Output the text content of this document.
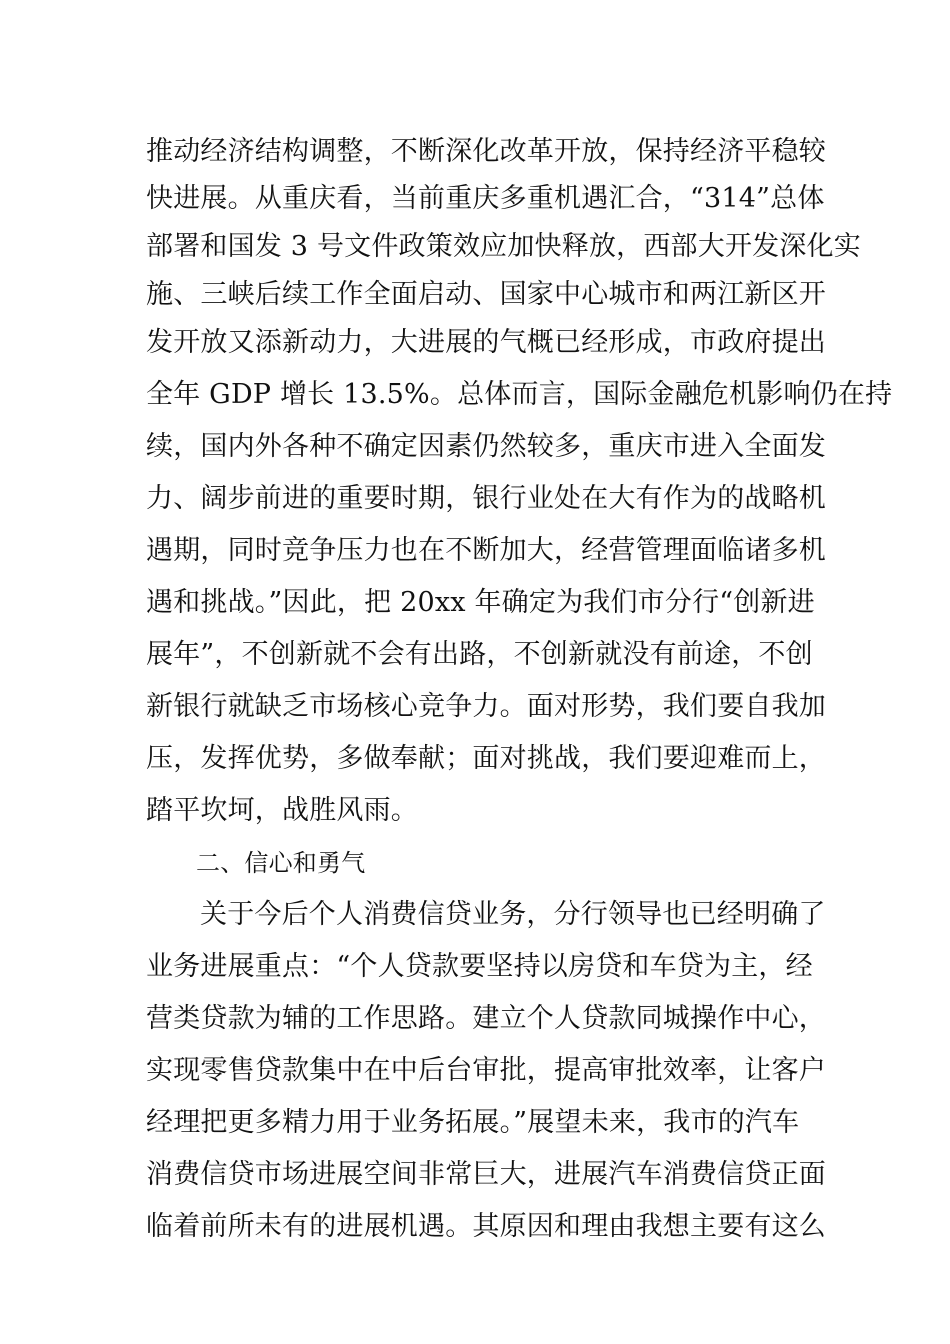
推动经济结构调整，不断深化改革开放，保持经济平稳较
快进展。从重庆看，当前重庆多重机遇汇合，“314”总体
部署和国发 3 号文件政策效应加快释放，西部大开发深化实
施、三峡后续工作全面启动、国家中心城市和两江新区开
发开放又添新动力，大进展的气概已经形成，市政府提出
全年 GDP 增长 13.5%。总体而言，国际金融危机影响仍在持
续，国内外各种不确定因素仍然较多，重庆市进入全面发
力、阔步前进的重要时期，银行业处在大有作为的战略机
遇期，同时竞争压力也在不断加大，经营管理面临诸多机
遇和挑战。”因此，把 20xx 年确定为我们市分行“创新进
展年”，不创新就不会有出路，不创新就没有前途，不创
新银行就缺乏市场核心竞争力。面对形势，我们要自我加
压，发挥优势，多做奉献；面对挑战，我们要迎难而上，
踏平坎坷，战胜风雨。
二、信心和勇气
关于今后个人消费信贷业务，分行领导也已经明确了
业务进展重点：“个人贷款要坚持以房贷和车贷为主，经
营类贷款为辅的工作思路。建立个人贷款同城操作中心，
实现零售贷款集中在中后台审批，提高审批效率，让客户
经理把更多精力用于业务拓展。”展望未来，我市的汽车
消费信贷市场进展空间非常巨大，进展汽车消费信贷正面
临着前所未有的进展机遇。其原因和理由我想主要有这么
